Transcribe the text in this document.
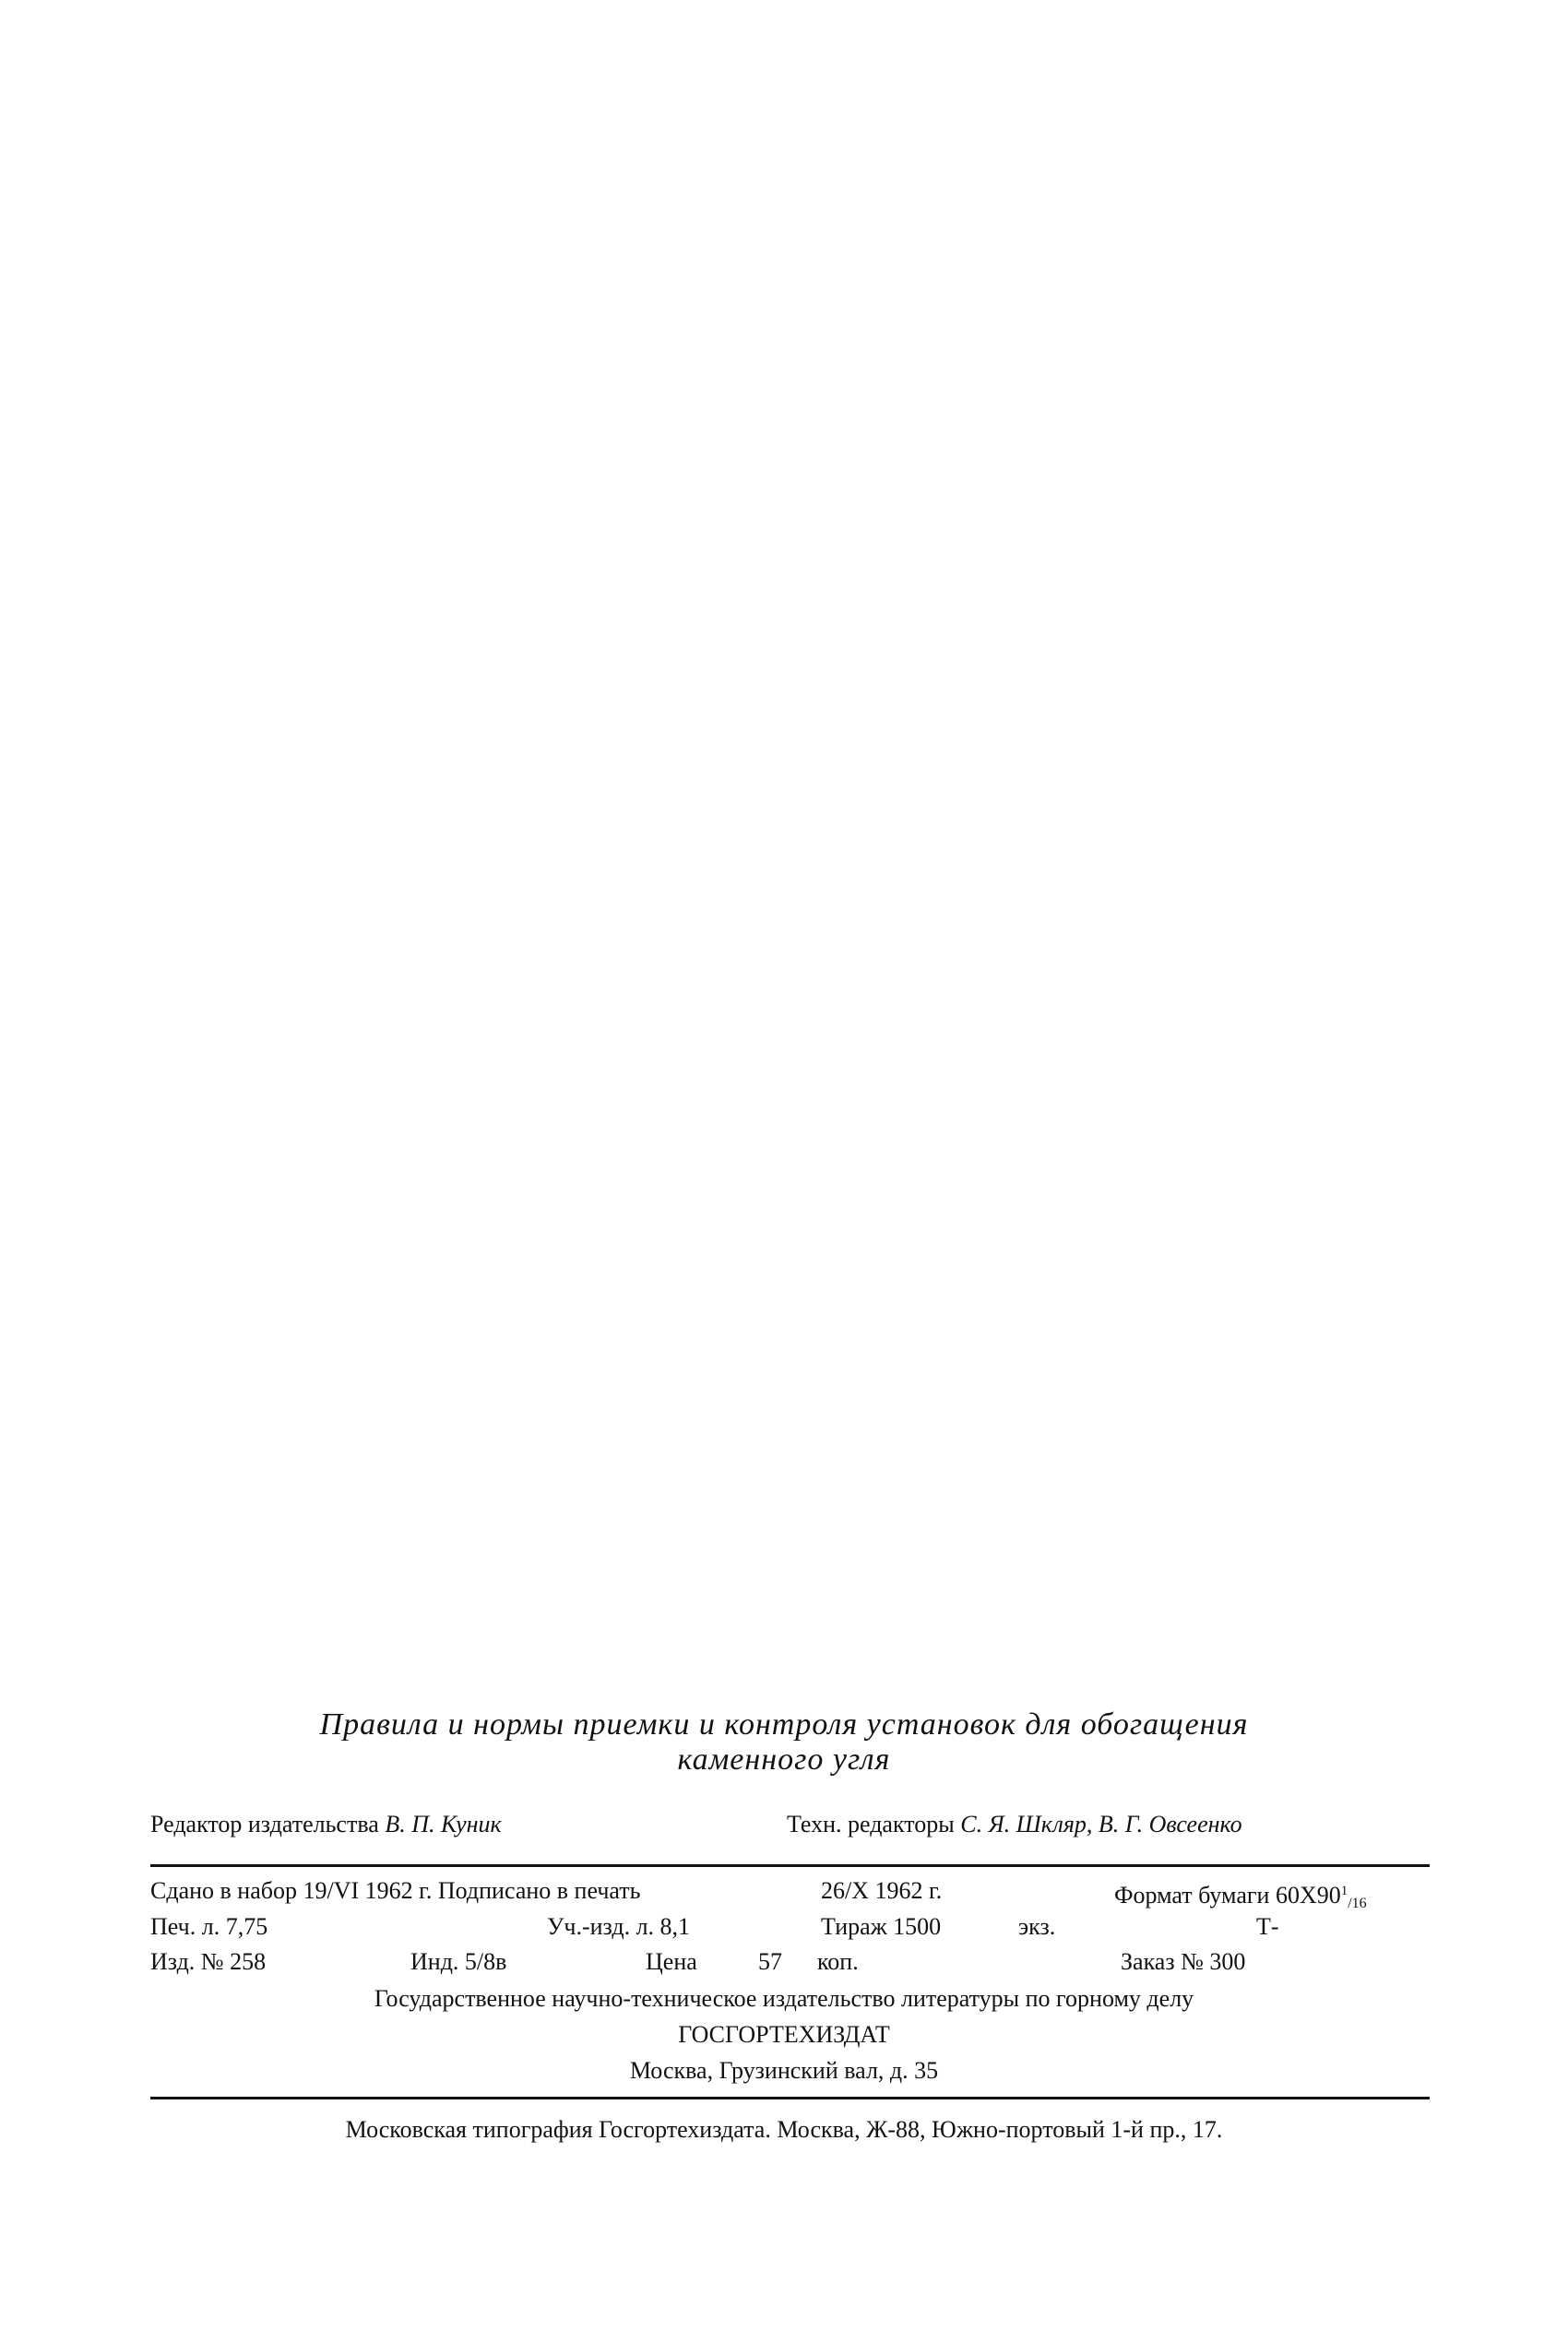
Правила и нормы приемки и контроля установок для обогащения
каменного угля
Редактор издательства В. П. Куник	Техн. редакторы С. Я. Шкляр, В. Г. Овсеенко
Сдано в набор 19/VI 1962 г. Подписано в печать	26/X 1962 г.	Формат бумаги $60X90^1_{/16}$
Печ. л. 7,75	Уч.-изд. л. 8,1	Тираж 1500	экз.	Т-
Изд. № 258	Инд. 5/8в	Цена	57 коп.	Заказ № 300
Государственное научно-техническое издательство литературы по горному делу
ГОСГОРТЕХИЗДАТ
Москва, Грузинский вал, д. 35
Московская типография Госгортехиздата. Москва, Ж-88, Южно-портовый 1-й пр., 17.
